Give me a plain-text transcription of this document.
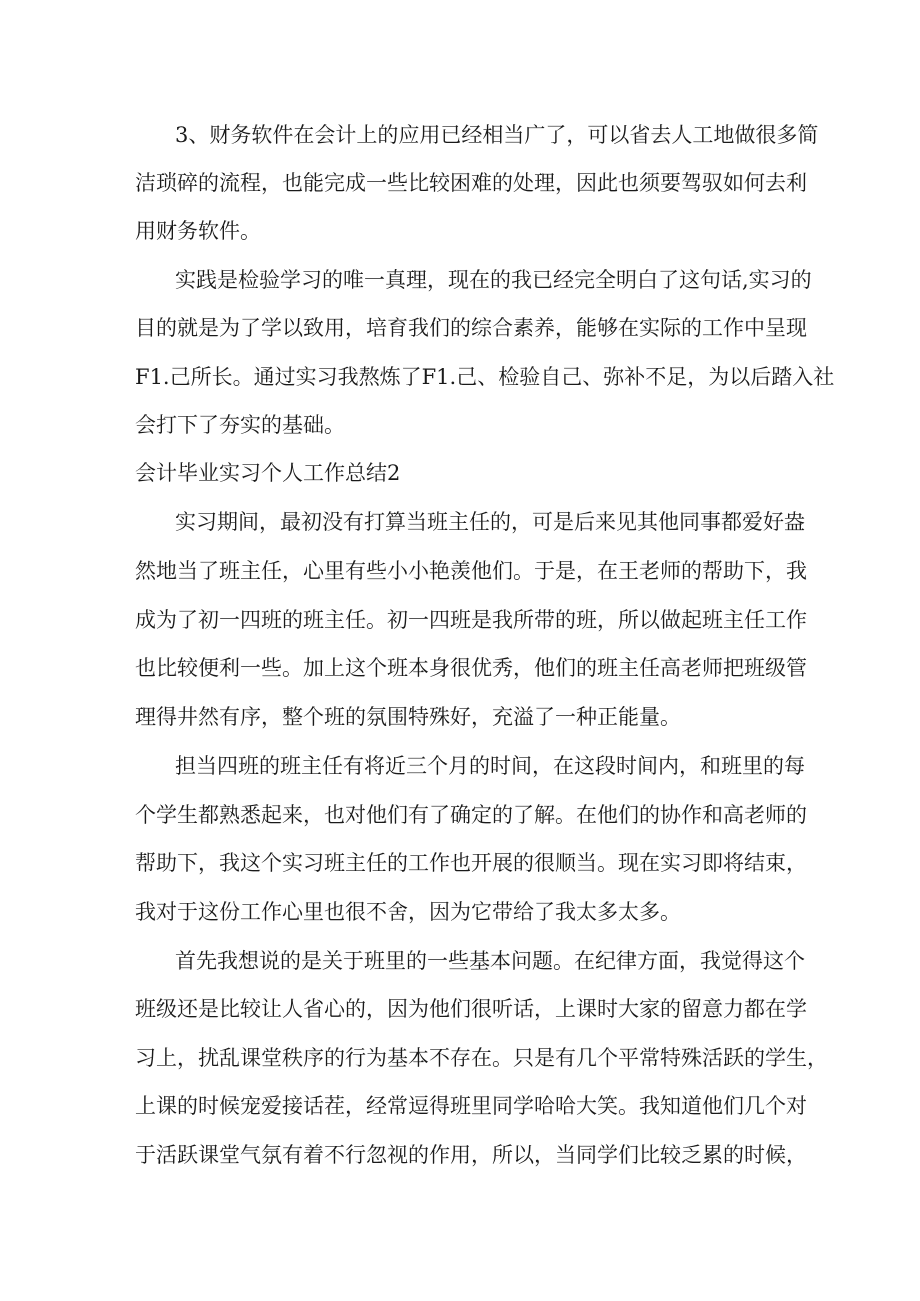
3、财务软件在会计上的应用已经相当广了，可以省去人工地做很多简

洁琐碎的流程，也能完成一些比较困难的处理，因此也须要驾驭如何去利

用财务软件。

实践是检验学习的唯一真理，现在的我已经完全明白了这句话,实习的

目的就是为了学以致用，培育我们的综合素养，能够在实际的工作中呈现

F1.己所长。通过实习我熬炼了F1.己、检验自己、弥补不足，为以后踏入社

会打下了夯实的基础。

会计毕业实习个人工作总结2

实习期间，最初没有打算当班主任的，可是后来见其他同事都爱好盎

然地当了班主任，心里有些小小艳羡他们。于是，在王老师的帮助下，我

成为了初一四班的班主任。初一四班是我所带的班，所以做起班主任工作

也比较便利一些。加上这个班本身很优秀，他们的班主任高老师把班级管

理得井然有序，整个班的氛围特殊好，充溢了一种正能量。

担当四班的班主任有将近三个月的时间，在这段时间内，和班里的每

个学生都熟悉起来，也对他们有了确定的了解。在他们的协作和高老师的

帮助下，我这个实习班主任的工作也开展的很顺当。现在实习即将结束，

我对于这份工作心里也很不舍，因为它带给了我太多太多。

首先我想说的是关于班里的一些基本问题。在纪律方面，我觉得这个

班级还是比较让人省心的，因为他们很听话，上课时大家的留意力都在学

习上，扰乱课堂秩序的行为基本不存在。只是有几个平常特殊活跃的学生，

上课的时候宠爱接话茬，经常逗得班里同学哈哈大笑。我知道他们几个对

于活跃课堂气氛有着不行忽视的作用，所以，当同学们比较乏累的时候，
